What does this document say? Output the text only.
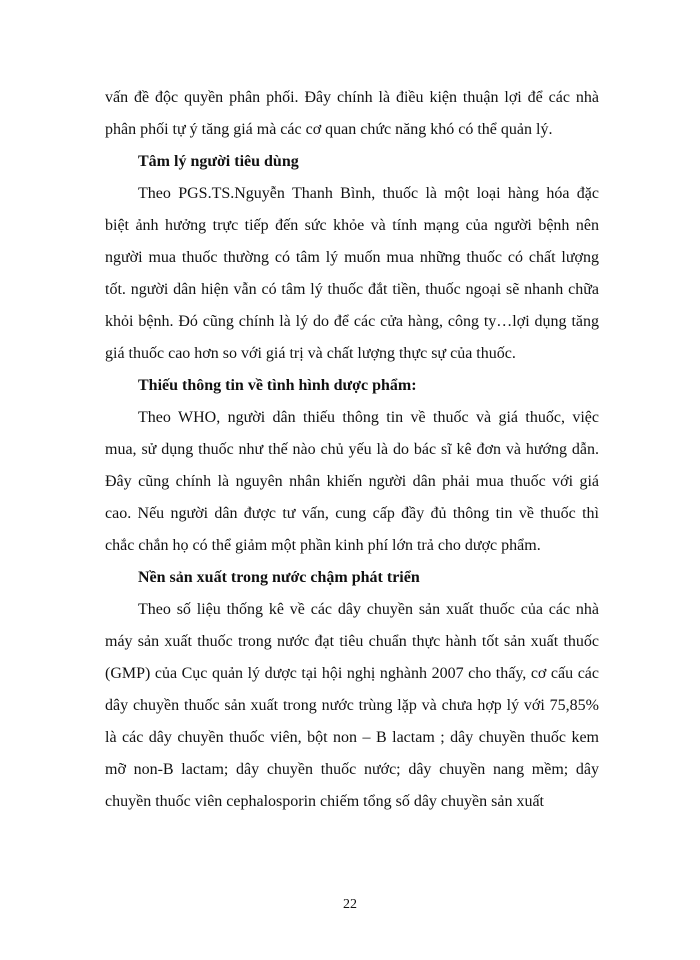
vấn đề độc quyền phân phối. Đây chính là điều kiện thuận lợi để các nhà
phân phối tự ý tăng giá mà các cơ quan chức năng khó có thể quản lý.
Tâm lý người tiêu dùng
Theo PGS.TS.Nguyễn Thanh Bình, thuốc là một loại hàng hóa đặc
biệt ảnh hưởng trực tiếp đến sức khỏe và tính mạng của người bệnh nên
người mua thuốc thường có tâm lý muốn mua những thuốc có chất lượng
tốt. người dân hiện vẫn có tâm lý thuốc đắt tiền, thuốc ngoại sẽ nhanh chữa
khỏi bệnh. Đó cũng chính là lý do để các cửa hàng, công ty…lợi dụng tăng
giá thuốc cao hơn so với giá trị và chất lượng thực sự của thuốc.
Thiếu thông tin về tình hình dược phẩm:
Theo WHO, người dân thiếu thông tin về thuốc và giá thuốc, việc
mua, sử dụng thuốc như thế nào chủ yếu là do bác sĩ kê đơn và hướng dẫn.
Đây cũng chính là nguyên nhân khiến người dân phải mua thuốc với giá
cao. Nếu người dân được tư vấn, cung cấp đầy đủ thông tin về thuốc thì
chắc chắn họ có thể giảm một phần kinh phí lớn trả cho dược phẩm.
Nền sản xuất trong nước chậm phát triển
Theo số liệu thống kê về các dây chuyền sản xuất thuốc của các nhà
máy sản xuất thuốc trong nước đạt tiêu chuẩn thực hành tốt sản xuất thuốc
(GMP) của Cục quản lý dược tại hội nghị nghành 2007 cho thấy, cơ cấu các
dây chuyền thuốc sản xuất trong nước trùng lặp và chưa hợp lý với 75,85%
là các dây chuyền thuốc viên, bột non – B lactam ; dây chuyền thuốc kem
mỡ non-B lactam; dây chuyền thuốc nước; dây chuyền nang mềm; dây
chuyền thuốc viên cephalosporin chiếm tổng số dây chuyền sản xuất
22
